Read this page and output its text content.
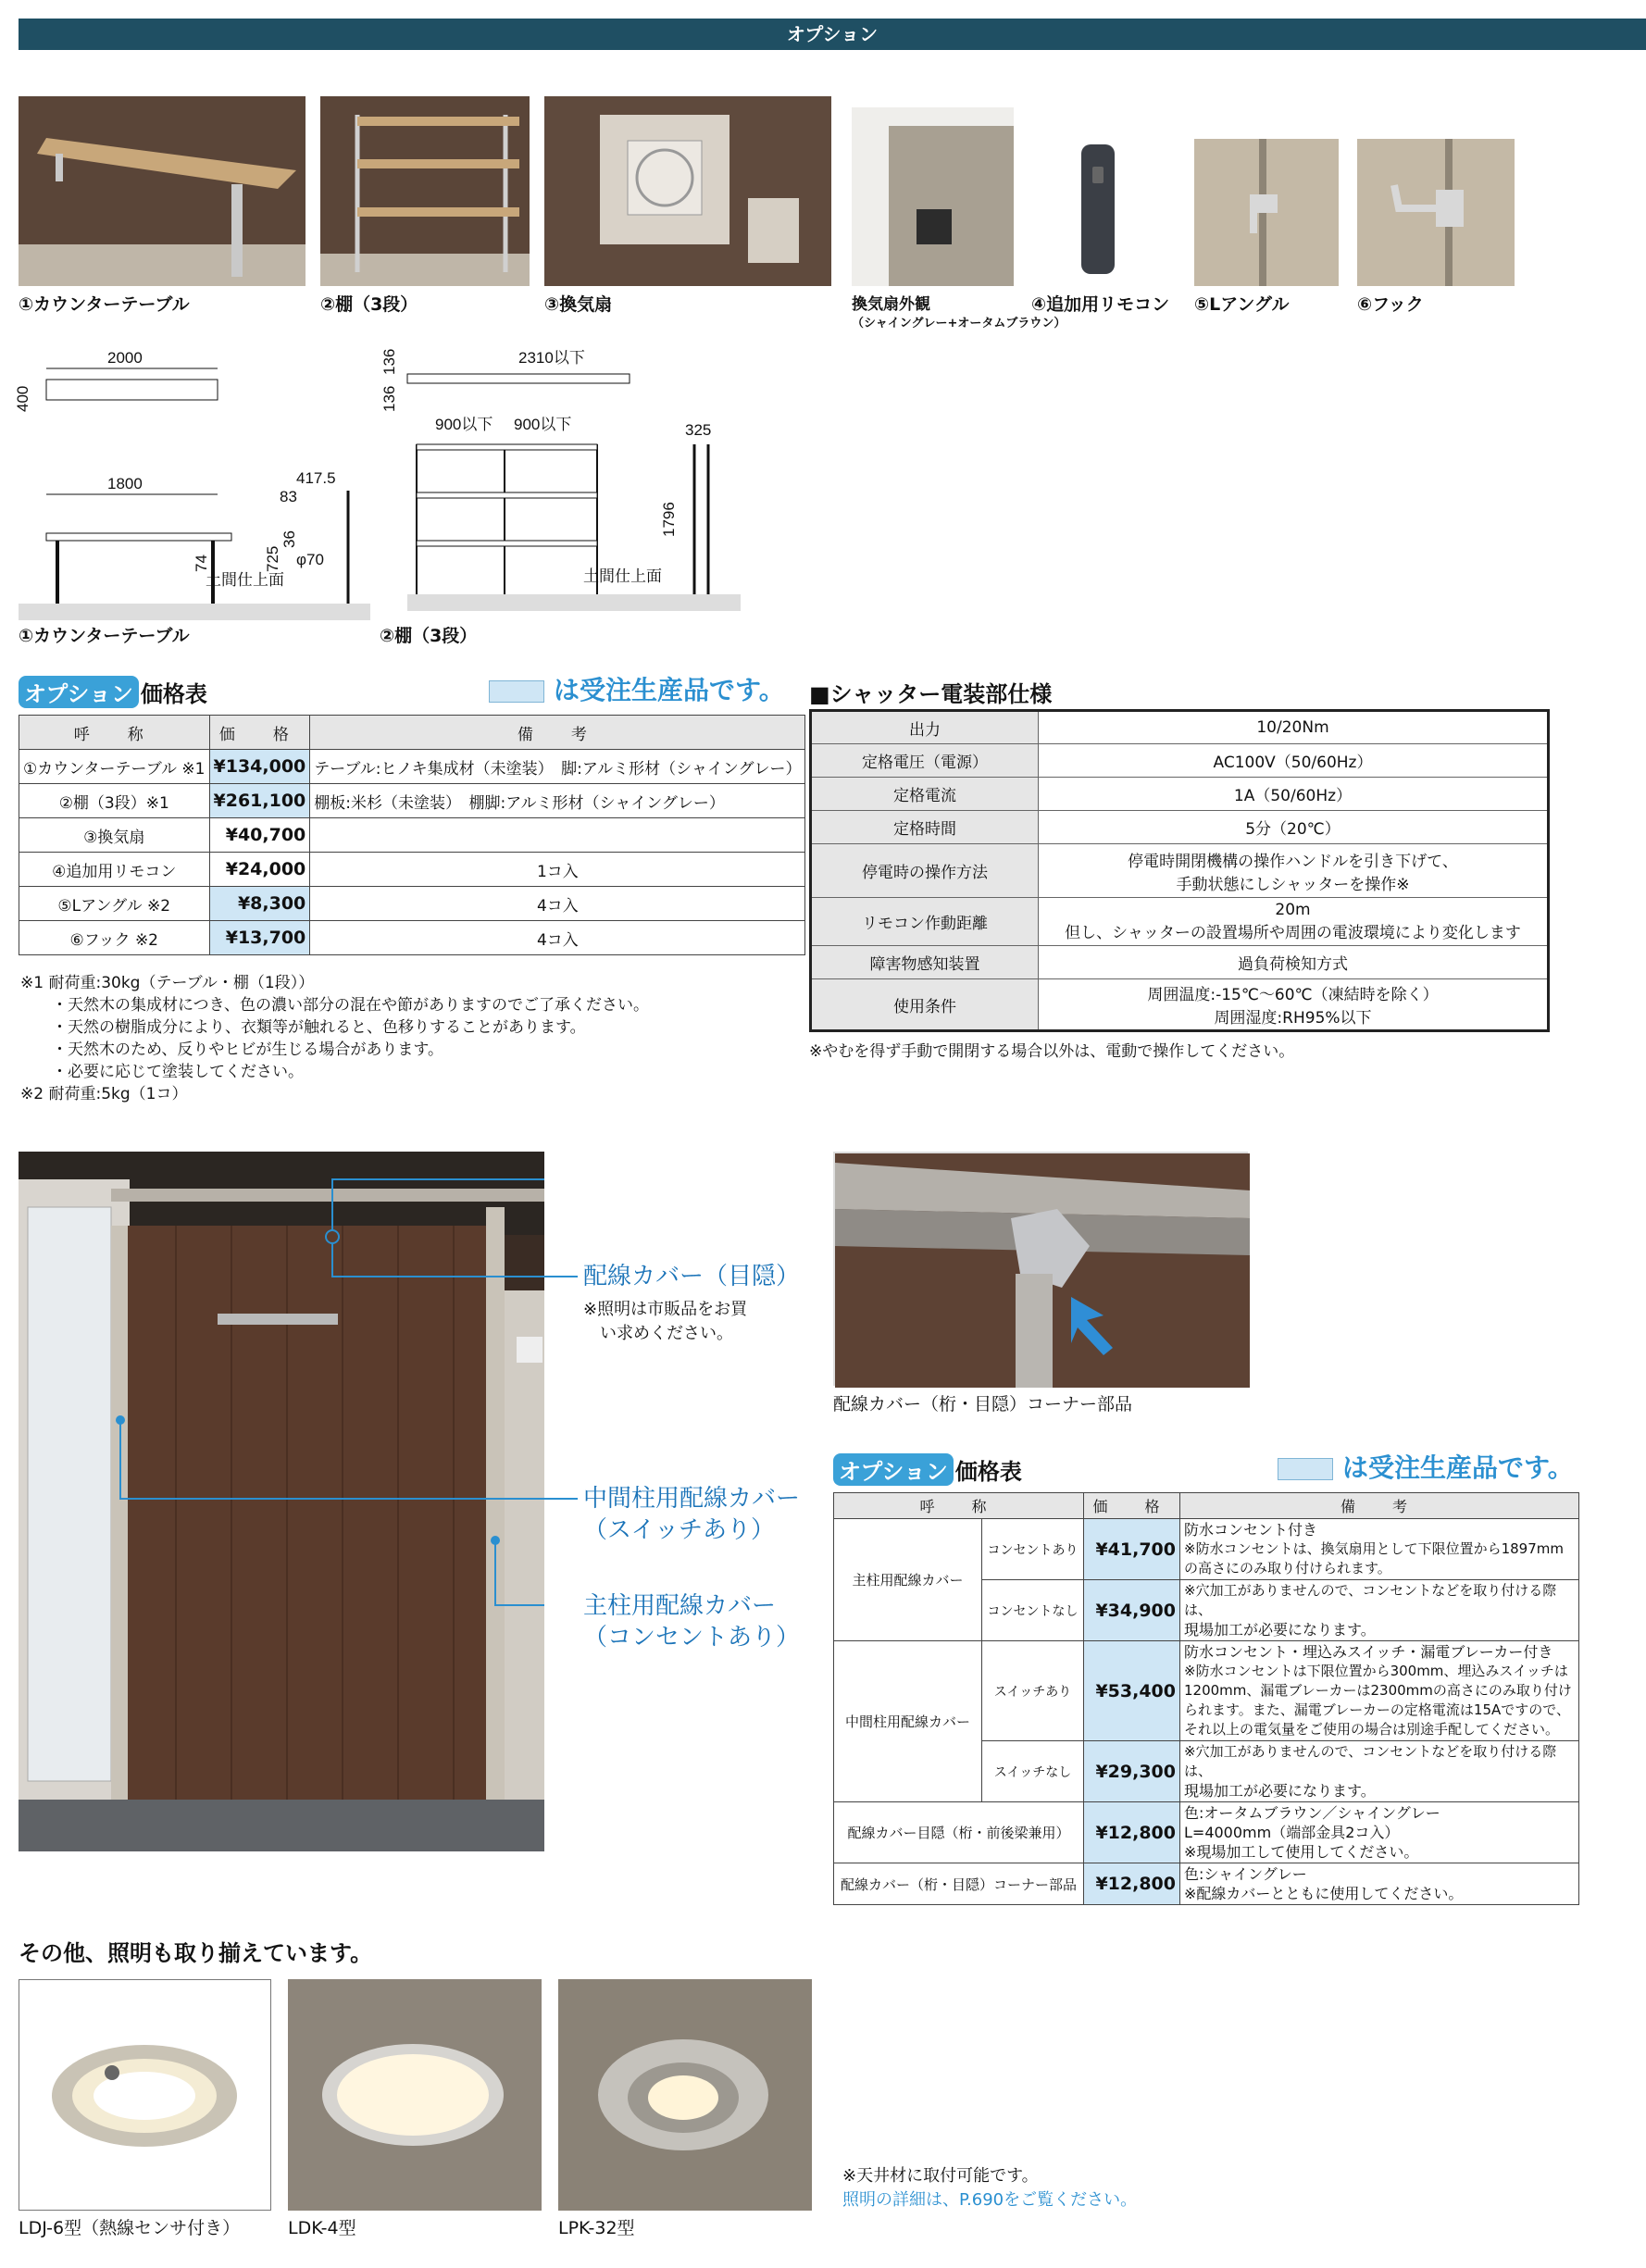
オプション
①カウンターテーブル	②棚（3段）	③換気扇	換気扇外観
（シャイングレー+オータムブラウン）
④追加用リモコン ⑤Lアングル	⑥フック
2000
400
1800
74
417.5
83
725
36
φ70
土間仕上面
①カウンターテーブル
2310以下
136
136
900以下 900以下	325
1796
土間仕上面
②棚（3段）
オプション 価格表	は受注生産品です。
呼　称	価　格	備　考
①カウンターテーブル ※1	¥134,000	テーブル:ヒノキ集成材（未塗装）　脚:アルミ形材（シャイングレー）
②棚（3段）※1	¥261,100	棚板:米杉（未塗装）　棚脚:アルミ形材（シャイングレー）
③換気扇	¥40,700	
④追加用リモコン	¥24,000	1コ入
⑤Lアングル ※2	¥8,300	4コ入
⑥フック ※2	¥13,700	4コ入
※1 耐荷重:30kg（テーブル・棚（1段））
　　・天然木の集成材につき、色の濃い部分の混在や節がありますのでご了承ください。
　　・天然の樹脂成分により、衣類等が触れると、色移りすることがあります。
　　・天然木のため、反りやヒビが生じる場合があります。
　　・必要に応じて塗装してください。
※2 耐荷重:5kg（1コ）
■シャッター電装部仕様
出力	10/20Nm
定格電圧（電源）	AC100V（50/60Hz）
定格電流	1A（50/60Hz）
定格時間	5分（20℃）
停電時の操作方法	停電時開閉機構の操作ハンドルを引き下げて、
手動状態にしシャッターを操作※

リモコン作動距離	20m
但し、シャッターの設置場所や周囲の電波環境により変化します

障害物感知装置	過負荷検知方式
使用条件	周囲温度:-15℃～60℃（凍結時を除く）
周囲湿度:RH95%以下
※やむを得ず手動で開閉する場合以外は、電動で操作してください。
配線カバー（目隠）
※照明は市販品をお買
　い求めください。
中間柱用配線カバー
（スイッチあり）
主柱用配線カバー
（コンセントあり）
配線カバー（桁・目隠）コーナー部品
オプション 価格表	は受注生産品です。
呼　称		価　格	備　考
主柱用配線カバー	コンセントあり	¥41,700	防水コンセント付き
※防水コンセントは、換気扇用として下限位置から1897mm
の高さにのみ取り付けられます。

	コンセントなし	¥34,900	※穴加工がありませんので、コンセントなどを取り付ける際は、
現場加工が必要になります。

中間柱用配線カバー	スイッチあり	¥53,400	防水コンセント・埋込みスイッチ・漏電ブレーカー付き
※防水コンセントは下限位置から300mm、埋込みスイッチは
1200mm、漏電ブレーカーは2300mmの高さにのみ取り付け
られます。また、漏電ブレーカーの定格電流は15Aですので、
それ以上の電気量をご使用の場合は別途手配してください。

	スイッチなし	¥29,300	※穴加工がありませんので、コンセントなどを取り付ける際は、
現場加工が必要になります。

配線カバー目隠（桁・前後梁兼用）		¥12,800	色:オータムブラウン／シャイングレー
L=4000mm（端部金具2コ入）
※現場加工して使用してください。

配線カバー（桁・目隠）コーナー部品		¥12,800	色:シャイングレー
※配線カバーとともに使用してください。
その他、照明も取り揃えています。
LDJ-6型（熱線センサ付き）	LDK-4型	LPK-32型
※天井材に取付可能です。
照明の詳細は、P.690をご覧ください。
